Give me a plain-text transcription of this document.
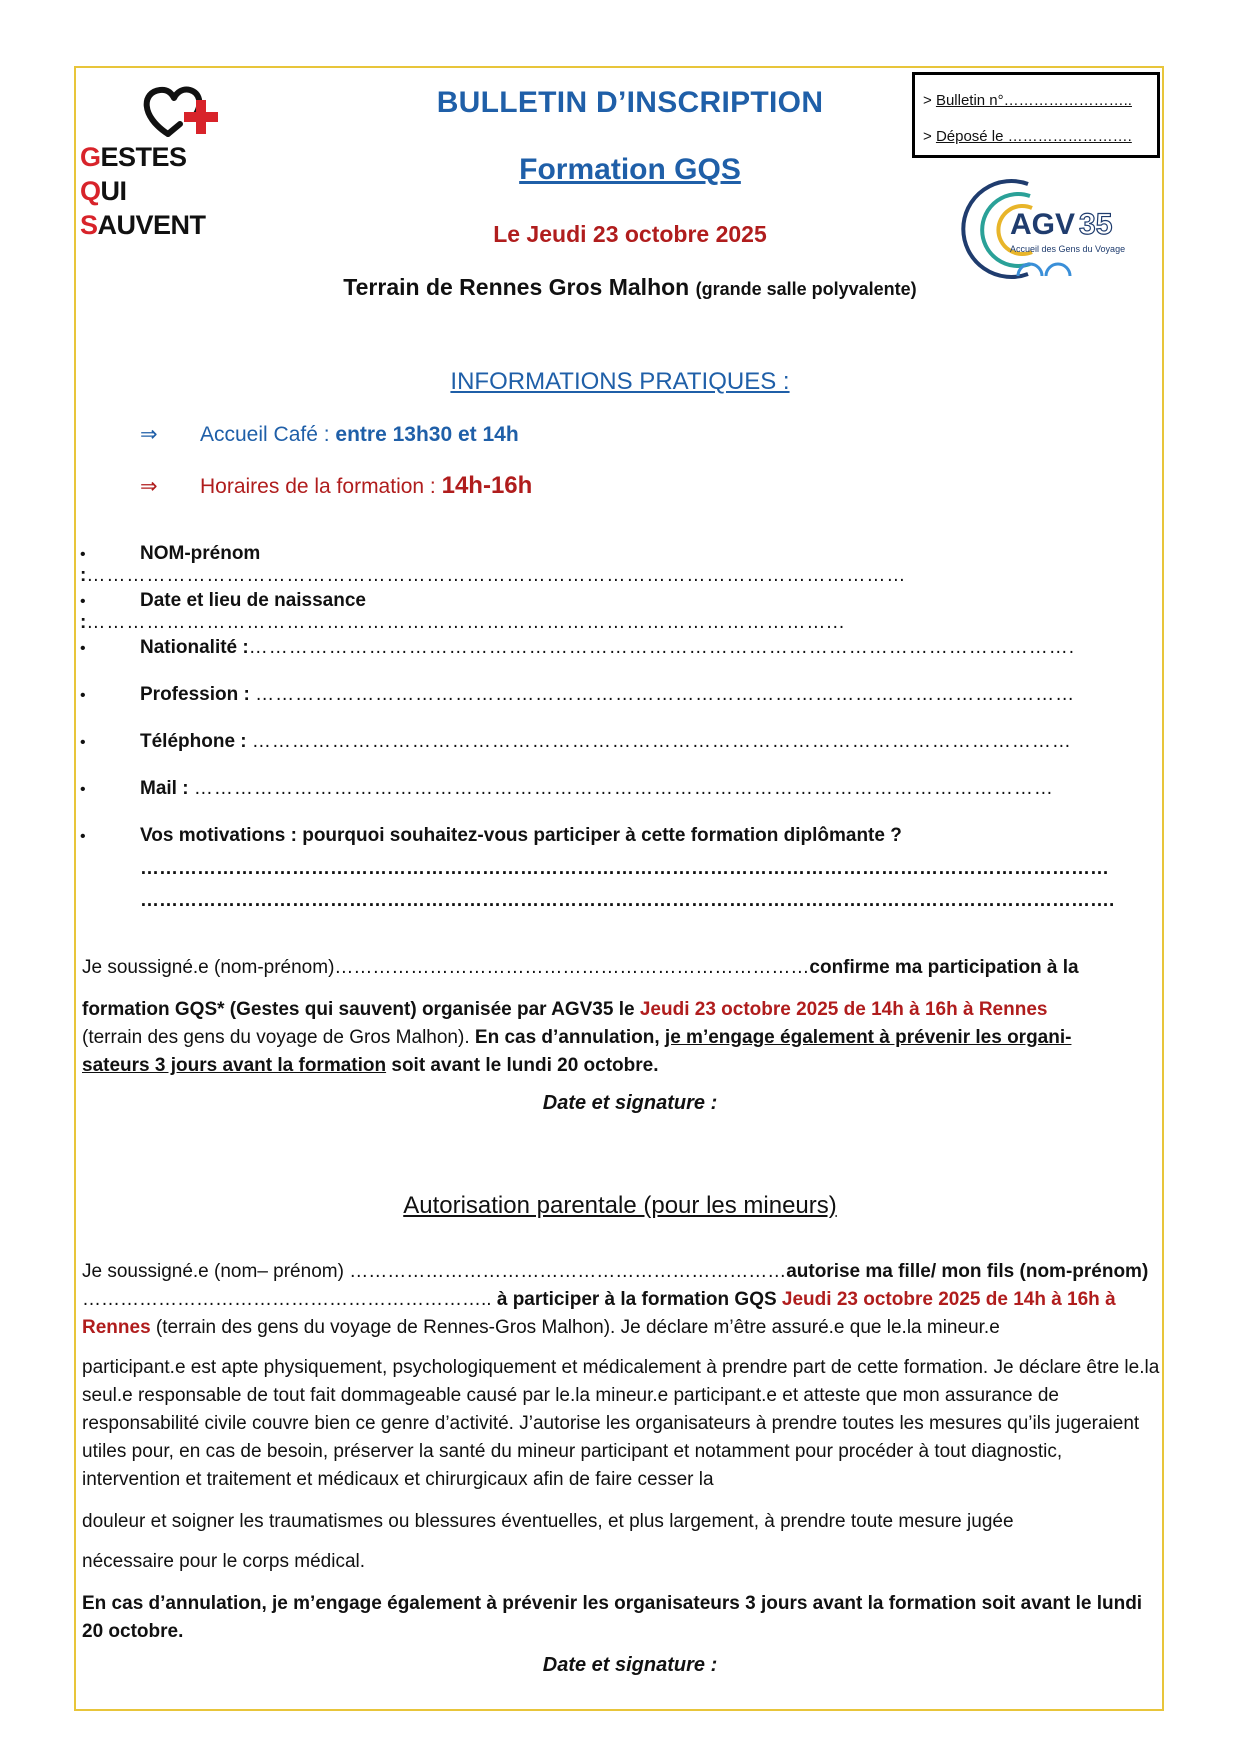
GESTES
QUI
SAUVENT
BULLETIN D’INSCRIPTION
Formation GQS
Le Jeudi 23 octobre 2025
Terrain de Rennes Gros Malhon (grande salle polyvalente)
> Bulletin n°……………………..
> Déposé le …………………….
AGV 35
Accueil des Gens du Voyage
INFORMATIONS PRATIQUES :
⇒ Accueil Café : entre 13h30 et 14h
⇒ Horaires de la formation : 14h-16h
•	NOM-prénom :……………………………………………………………………………………………………………
•	Date et lieu de naissance :…………………………………………………………………………………………………...
•	Nationalité :…………………………………………………………………………………………………………….
•	Profession : ……………………………………………………………………………………………………………
•	Téléphone : ……………………………………………………………………………………………………………
•	Mail : …………………………………………………………………………………………………………………
•	Vos motivations : pourquoi souhaitez-vous participer à cette formation diplômante ?
………………………………………………………………………………………………………………………………………
……………………………………………………………………………………………………………………………………….
Je soussigné.e (nom-prénom)…………………………………………………………………confirme ma participation à la
formation GQS* (Gestes qui sauvent) organisée par AGV35 le Jeudi 23 octobre 2025 de 14h à 16h à Rennes
(terrain des gens du voyage de Gros Malhon). En cas d’annulation, je m’engage également à prévenir les organi-
sateurs 3 jours avant la formation soit avant le lundi 20 octobre.
Date et signature :
Autorisation parentale (pour les mineurs)
Je soussigné.e (nom– prénom) ……………………………………………………………autorise ma fille/ mon fils (nom-prénom)
……………………………………………………….. à participer à la formation GQS Jeudi 23 octobre 2025 de 14h à 16h à
Rennes (terrain des gens du voyage de Rennes-Gros Malhon). Je déclare m’être assuré.e que le.la mineur.e
participant.e est apte physiquement, psychologiquement et médicalement à prendre part de cette formation. Je déclare être le.la seul.e responsable de tout fait dommageable causé par le.la mineur.e participant.e et atteste que mon assurance de responsabilité civile couvre bien ce genre d’activité. J’autorise les organisateurs à prendre toutes les mesures qu’ils jugeraient utiles pour, en cas de besoin, préserver la santé du mineur participant et notamment pour procéder à tout diagnostic, intervention et traitement et médicaux et chirurgicaux afin de faire cesser la
douleur et soigner les traumatismes ou blessures éventuelles, et plus largement, à prendre toute mesure jugée
nécessaire pour le corps médical.
En cas d’annulation, je m’engage également à prévenir les organisateurs 3 jours avant la formation soit avant le lundi 20 octobre.
Date et signature :
